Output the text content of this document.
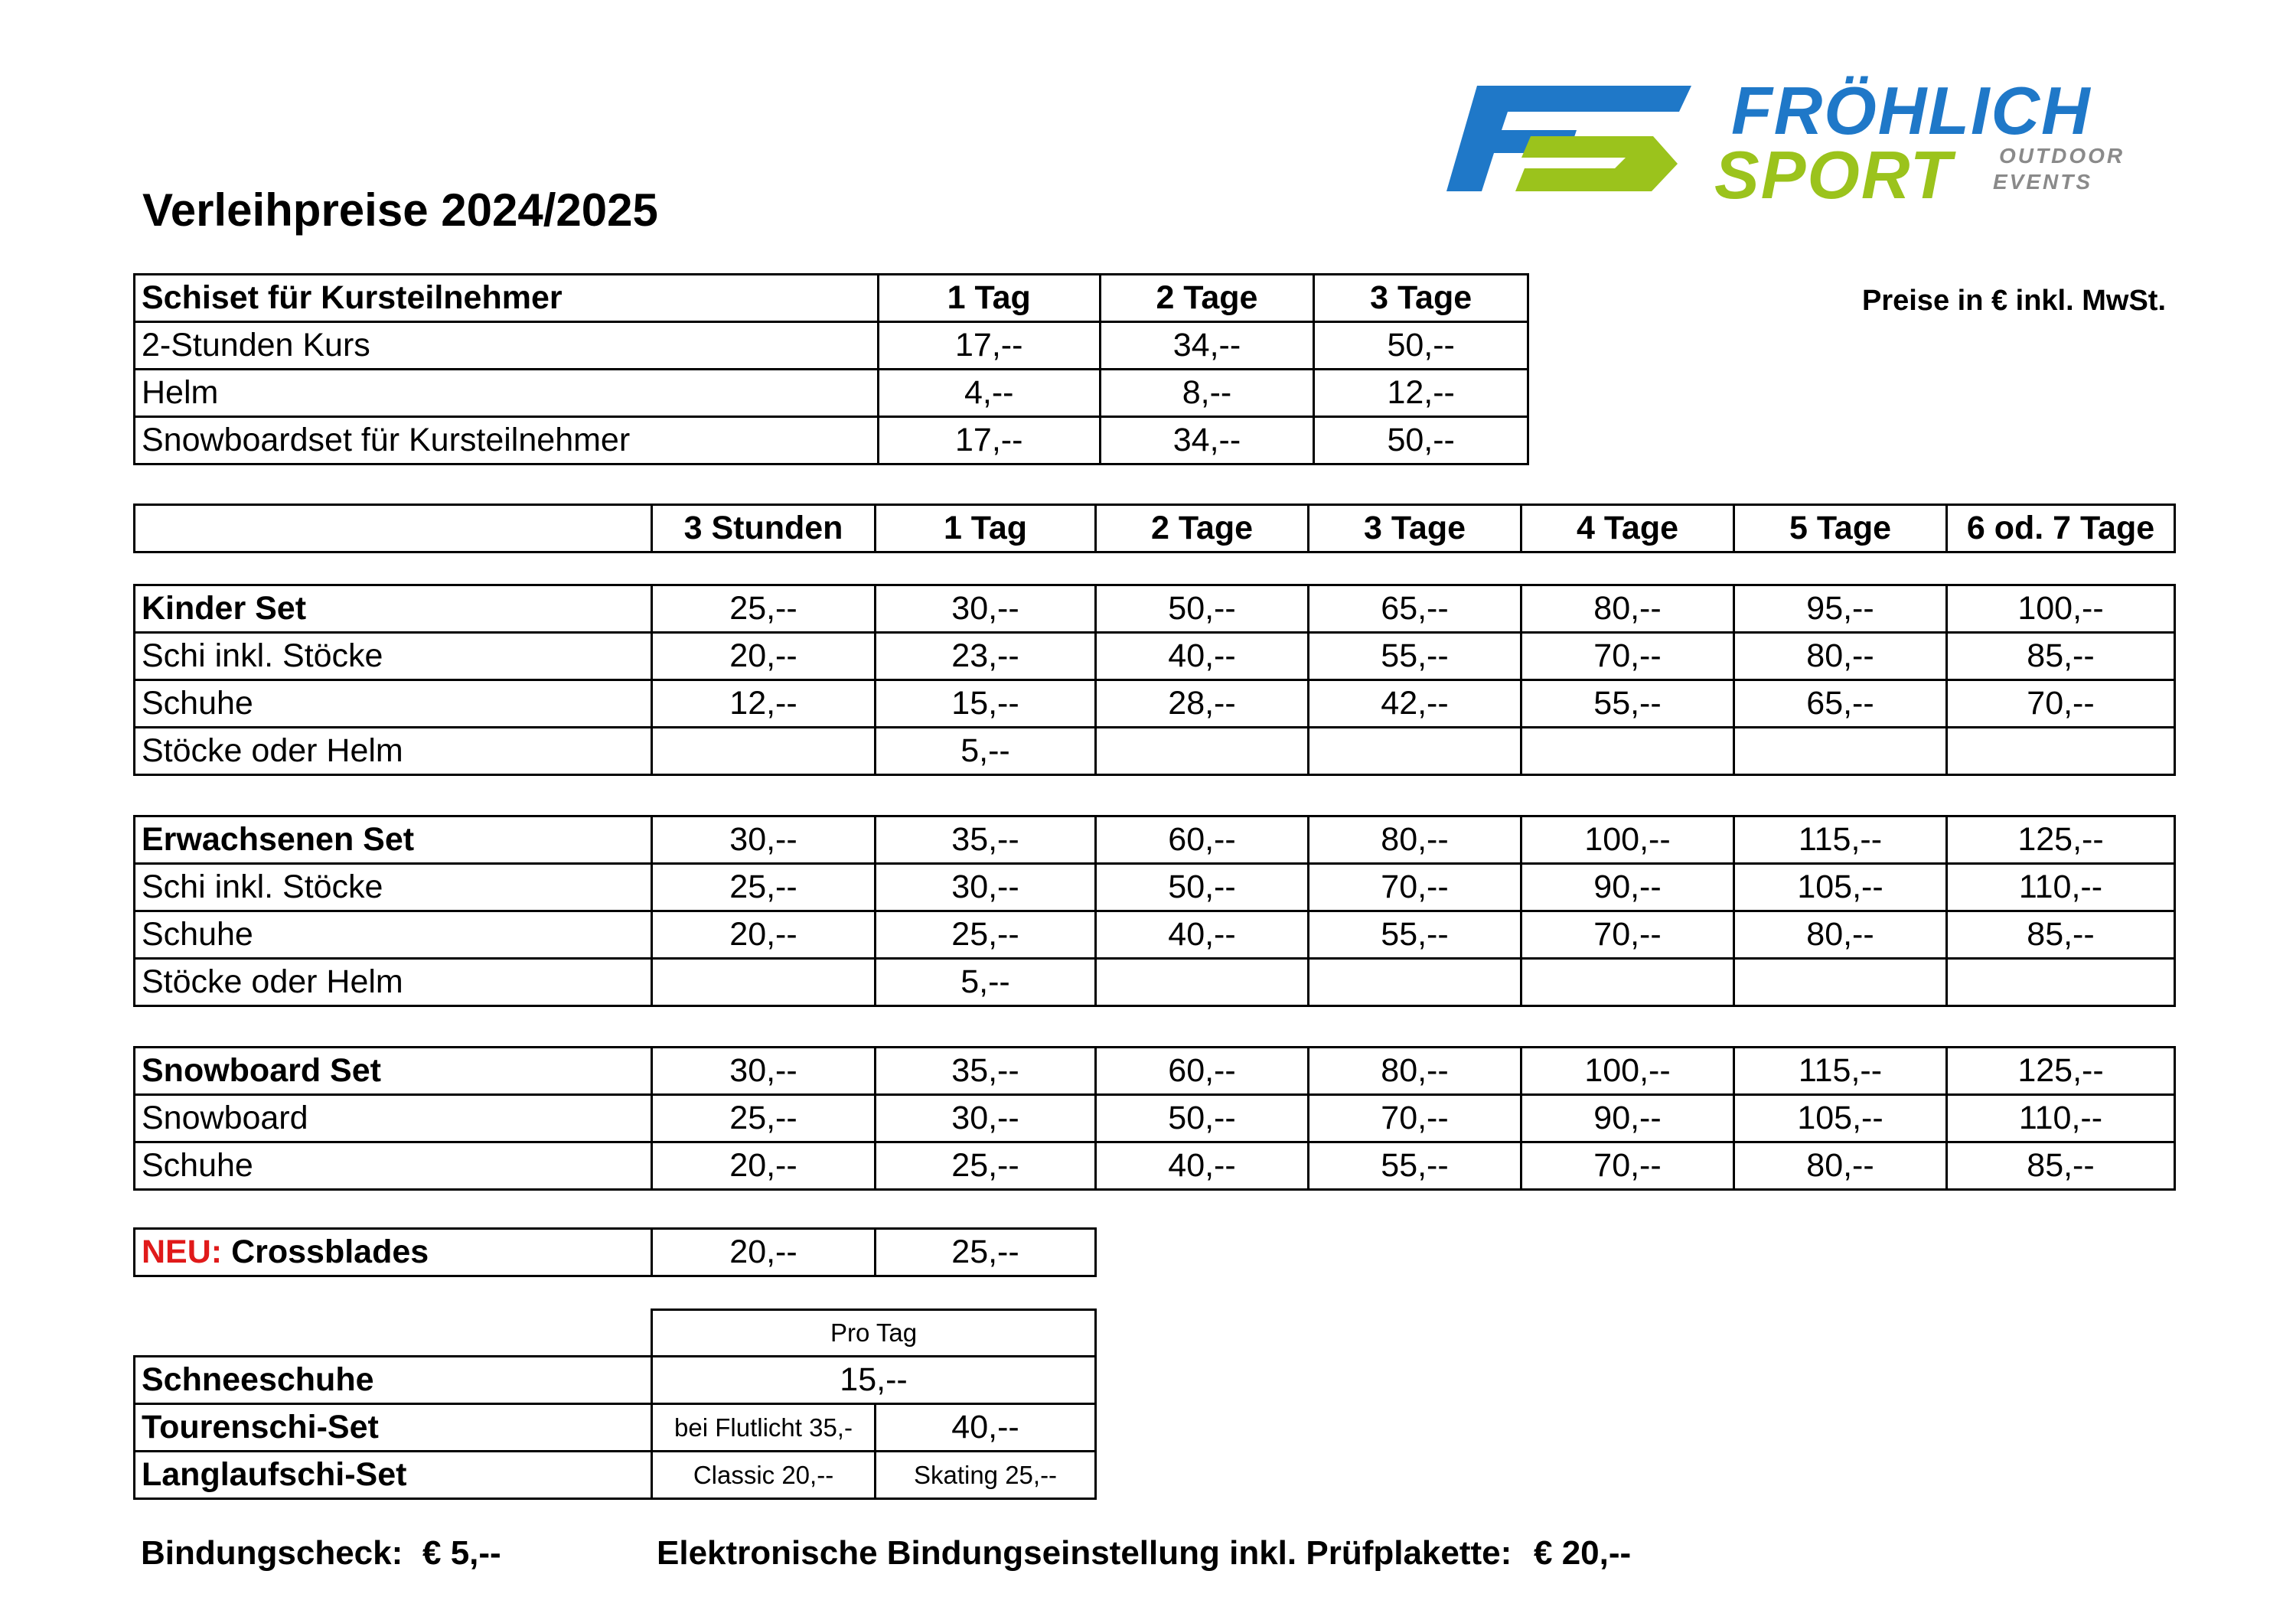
FRÖHLICH
SPORT OUTDOOR
EVENTS
Verleihpreise 2024/2025
Preise in € inkl. MwSt.
Schiset für Kursteilnehmer	1 Tag	2 Tage	3 Tage
2-Stunden Kurs	17,--	34,--	50,--
Helm	4,--	8,--	12,--
Snowboardset für Kursteilnehmer	17,--	34,--	50,--
	3 Stunden	1 Tag	2 Tage	3 Tage	4 Tage	5 Tage	6 od. 7 Tage
Kinder Set	25,--	30,--	50,--	65,--	80,--	95,--	100,--
Schi inkl. Stöcke	20,--	23,--	40,--	55,--	70,--	80,--	85,--
Schuhe	12,--	15,--	28,--	42,--	55,--	65,--	70,--
Stöcke oder Helm		5,--					
Erwachsenen Set	30,--	35,--	60,--	80,--	100,--	115,--	125,--
Schi inkl. Stöcke	25,--	30,--	50,--	70,--	90,--	105,--	110,--
Schuhe	20,--	25,--	40,--	55,--	70,--	80,--	85,--
Stöcke oder Helm		5,--					
Snowboard Set	30,--	35,--	60,--	80,--	100,--	115,--	125,--
Snowboard	25,--	30,--	50,--	70,--	90,--	105,--	110,--
Schuhe	20,--	25,--	40,--	55,--	70,--	80,--	85,--
NEU: Crossblades	20,--	25,--
	Pro Tag	
Schneeschuhe	15,--	
Tourenschi-Set	bei Flutlicht 35,-	40,--
Langlaufschi-Set	Classic 20,--	Skating 25,--
Bindungscheck: € 5,--	Elektronische Bindungseinstellung inkl. Prüfplakette: € 20,--
